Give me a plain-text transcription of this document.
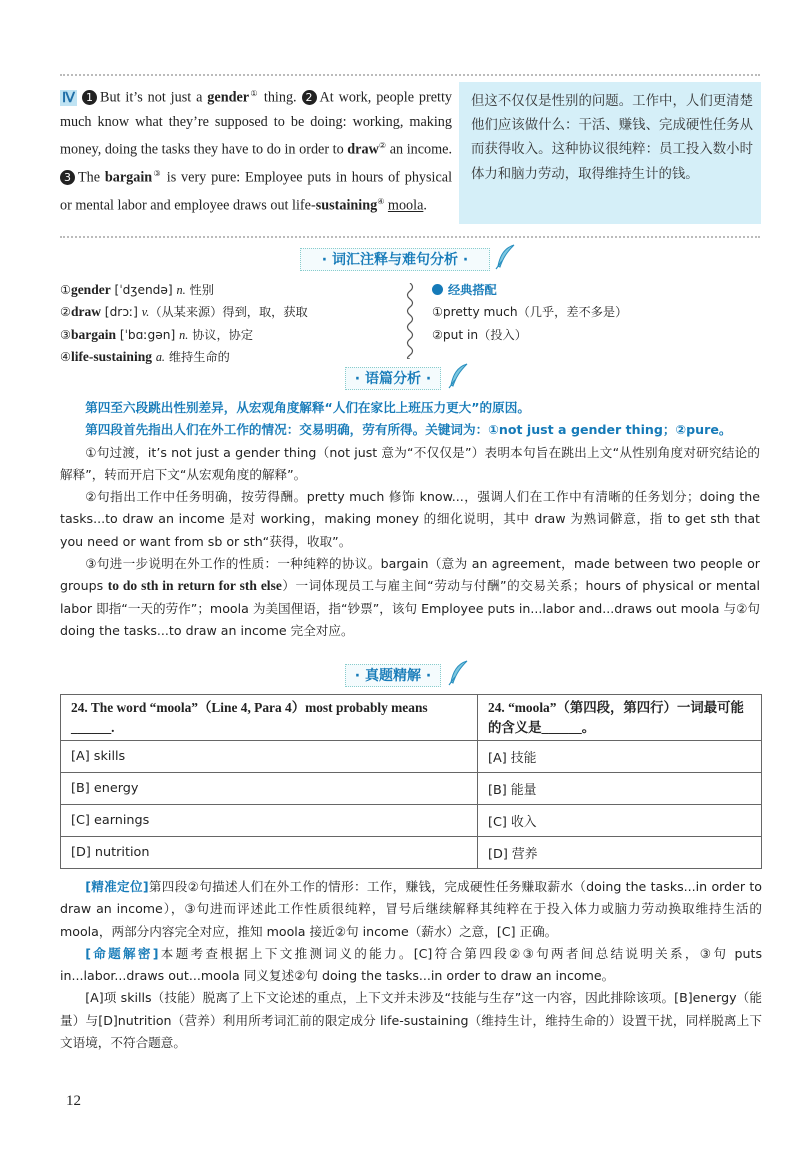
Ⅳ 1 But it’s not just a gender① thing. 2 At work, people pretty much know what they’re supposed to be doing: working, making money, doing the tasks they have to do in order to draw② an income. 3 The bargain③ is very pure: Employee puts in hours of physical or mental labor and employee draws out life-sustaining④ moola.
但这不仅仅是性别的问题。工作中，人们更清楚他们应该做什么：干活、赚钱、完成硬性任务从而获得收入。这种协议很纯粹：员工投入数小时体力和脑力劳动，取得维持生计的钱。
· 词汇注释与难句分析 ·
①gender [ˈdʒendə] n. 性别
②draw [drɔː] v.（从某来源）得到，取，获取
③bargain [ˈbɑːgən] n. 协议，协定
④life-sustaining a. 维持生命的
经典搭配
①pretty much（几乎，差不多是）
②put in（投入）
· 语篇分析 ·

第四至六段跳出性别差异，从宏观角度解释“人们在家比上班压力更大”的原因。

第四段首先指出人们在外工作的情况：交易明确，劳有所得。关键词为：①not just a gender thing；②pure。

①句过渡，it’s not just a gender thing（not just 意为“不仅仅是”）表明本句旨在跳出上文“从性别角度对研究结论的解释”，转而开启下文“从宏观角度的解释”。

②句指出工作中任务明确，按劳得酬。pretty much 修饰 know...，强调人们在工作中有清晰的任务划分；doing the tasks...to draw an income 是对 working，making money 的细化说明，其中 draw 为熟词僻意，指 to get sth that you need or want from sb or sth“获得，收取”。

③句进一步说明在外工作的性质：一种纯粹的协议。bargain（意为 an agreement，made between two people or groups to do sth in return for sth else）一词体现员工与雇主间“劳动与付酬”的交易关系；hours of physical or mental labor 即指“一天的劳作”；moola 为美国俚语，指“钞票”，该句 Employee puts in...labor and...draws out moola 与②句 doing the tasks...to draw an income 完全对应。

· 真题精解 ·
24. The word “moola”（Line 4, Para 4）most probably means ______.	24. “moola”（第四段，第四行）一词最可能的含义是______。
[A] skills	[A] 技能
[B] energy	[B] 能量
[C] earnings	[C] 收入
[D] nutrition	[D] 营养

[精准定位]第四段②句描述人们在外工作的情形：工作，赚钱，完成硬性任务赚取薪水（doing the tasks...in order to draw an income），③句进而评述此工作性质很纯粹，冒号后继续解释其纯粹在于投入体力或脑力劳动换取维持生活的 moola，两部分内容完全对应，推知 moola 接近②句 income（薪水）之意，[C] 正确。

[命题解密]本题考查根据上下文推测词义的能力。[C]符合第四段②③句两者间总结说明关系，③句 puts in...labor...draws out...moola 同义复述②句 doing the tasks...in order to draw an income。

[A]项 skills（技能）脱离了上下文论述的重点，上下文并未涉及“技能与生存”这一内容，因此排除该项。[B]energy（能量）与[D]nutrition（营养）利用所考词汇前的限定成分 life-sustaining（维持生计，维持生命的）设置干扰，同样脱离上下文语境，不符合题意。

12
